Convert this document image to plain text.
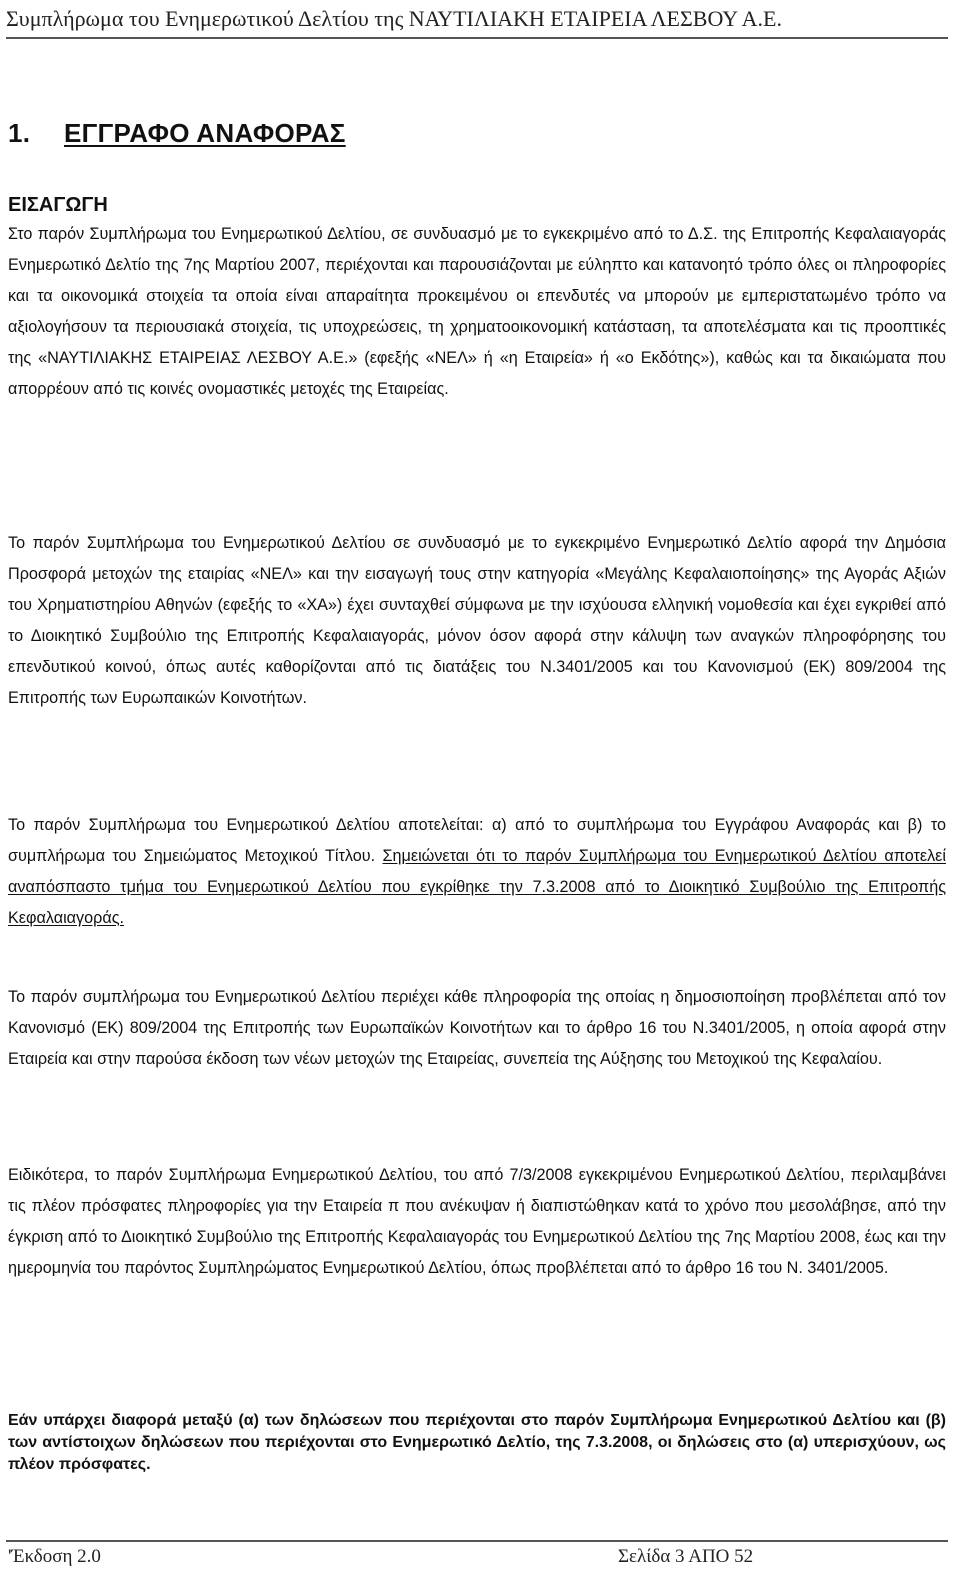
Συμπλήρωμα του Ενημερωτικού Δελτίου της ΝΑΥΤΙΛΙΑΚΗ ΕΤΑΙΡΕΙΑ ΛΕΣΒΟΥ Α.Ε.
1. ΕΓΓΡΑΦΟ ΑΝΑΦΟΡΑΣ
ΕΙΣΑΓΩΓΗ

Στο παρόν Συμπλήρωμα του Ενημερωτικού Δελτίου, σε συνδυασμό με το εγκεκριμένο από το Δ.Σ. της Επιτροπής Κεφαλαιαγοράς Ενημερωτικό Δελτίο της 7ης Μαρτίου 2007, περιέχονται και παρουσιάζονται με εύληπτο και κατανοητό τρόπο όλες οι πληροφορίες και τα οικονομικά στοιχεία τα οποία είναι απαραίτητα προκειμένου οι επενδυτές να μπορούν με εμπεριστατωμένο τρόπο να αξιολογήσουν τα περιουσιακά στοιχεία, τις υποχρεώσεις, τη χρηματοοικονομική κατάσταση, τα αποτελέσματα και τις προοπτικές της «ΝΑΥΤΙΛΙΑΚΗΣ ΕΤΑΙΡΕΙΑΣ ΛΕΣΒΟΥ Α.Ε.» (εφεξής «ΝΕΛ» ή «η Εταιρεία» ή «ο Εκδότης»), καθώς και τα δικαιώματα που απορρέουν από τις κοινές ονομαστικές μετοχές της Εταιρείας.

Το παρόν Συμπλήρωμα του Ενημερωτικού Δελτίου σε συνδυασμό με το εγκεκριμένο Ενημερωτικό Δελτίο αφορά την Δημόσια Προσφορά μετοχών της εταιρίας «ΝΕΛ» και την εισαγωγή τους στην κατηγορία «Μεγάλης Κεφαλαιοποίησης» της Αγοράς Αξιών του Χρηματιστηρίου Αθηνών (εφεξής το «ΧΑ») έχει συνταχθεί σύμφωνα με την ισχύουσα ελληνική νομοθεσία και έχει εγκριθεί από το Διοικητικό Συμβούλιο της Επιτροπής Κεφαλαιαγοράς, μόνον όσον αφορά στην κάλυψη των αναγκών πληροφόρησης του επενδυτικού κοινού, όπως αυτές καθορίζονται από τις διατάξεις του Ν.3401/2005 και του Κανονισμού (ΕΚ) 809/2004 της Επιτροπής των Ευρωπαικών Κοινοτήτων.

Το παρόν Συμπλήρωμα του Ενημερωτικού Δελτίου αποτελείται: α) από το συμπλήρωμα του Εγγράφου Αναφοράς και β) το συμπλήρωμα του Σημειώματος Μετοχικού Τίτλου. Σημειώνεται ότι το παρόν Συμπλήρωμα του Ενημερωτικού Δελτίου αποτελεί αναπόσπαστο τμήμα του Ενημερωτικού Δελτίου που εγκρίθηκε την 7.3.2008 από το Διοικητικό Συμβούλιο της Επιτροπής Κεφαλαιαγοράς.

Το παρόν συμπλήρωμα του Ενημερωτικού Δελτίου περιέχει κάθε πληροφορία της οποίας η δημοσιοποίηση προβλέπεται από τον Κανονισμό (ΕΚ) 809/2004 της Επιτροπής των Ευρωπαϊκών Κοινοτήτων και το άρθρο 16 του Ν.3401/2005, η οποία αφορά στην Εταιρεία και στην παρούσα έκδοση των νέων μετοχών της Εταιρείας, συνεπεία της Αύξησης του Μετοχικού της Κεφαλαίου.

Ειδικότερα, το παρόν Συμπλήρωμα Ενημερωτικού Δελτίου, του από 7/3/2008 εγκεκριμένου Ενημερωτικού Δελτίου, περιλαμβάνει τις πλέον πρόσφατες πληροφορίες για την Εταιρεία π που ανέκυψαν ή διαπιστώθηκαν κατά το χρόνο που μεσολάβησε, από την έγκριση από το Διοικητικό Συμβούλιο της Επιτροπής Κεφαλαιαγοράς του Ενημερωτικού Δελτίου της 7ης Μαρτίου 2008, έως και την ημερομηνία του παρόντος Συμπληρώματος Ενημερωτικού Δελτίου, όπως προβλέπεται από το άρθρο 16 του Ν. 3401/2005.

Εάν υπάρχει διαφορά μεταξύ (α) των δηλώσεων που περιέχονται στο παρόν Συμπλήρωμα Ενημερωτικού Δελτίου και (β) των αντίστοιχων δηλώσεων που περιέχονται στο Ενημερωτικό Δελτίο, της 7.3.2008, οι δηλώσεις στο (α) υπερισχύουν, ως πλέον πρόσφατες.

'Έκδοση 2.0	Σελίδα 3 ΑΠΟ 52
